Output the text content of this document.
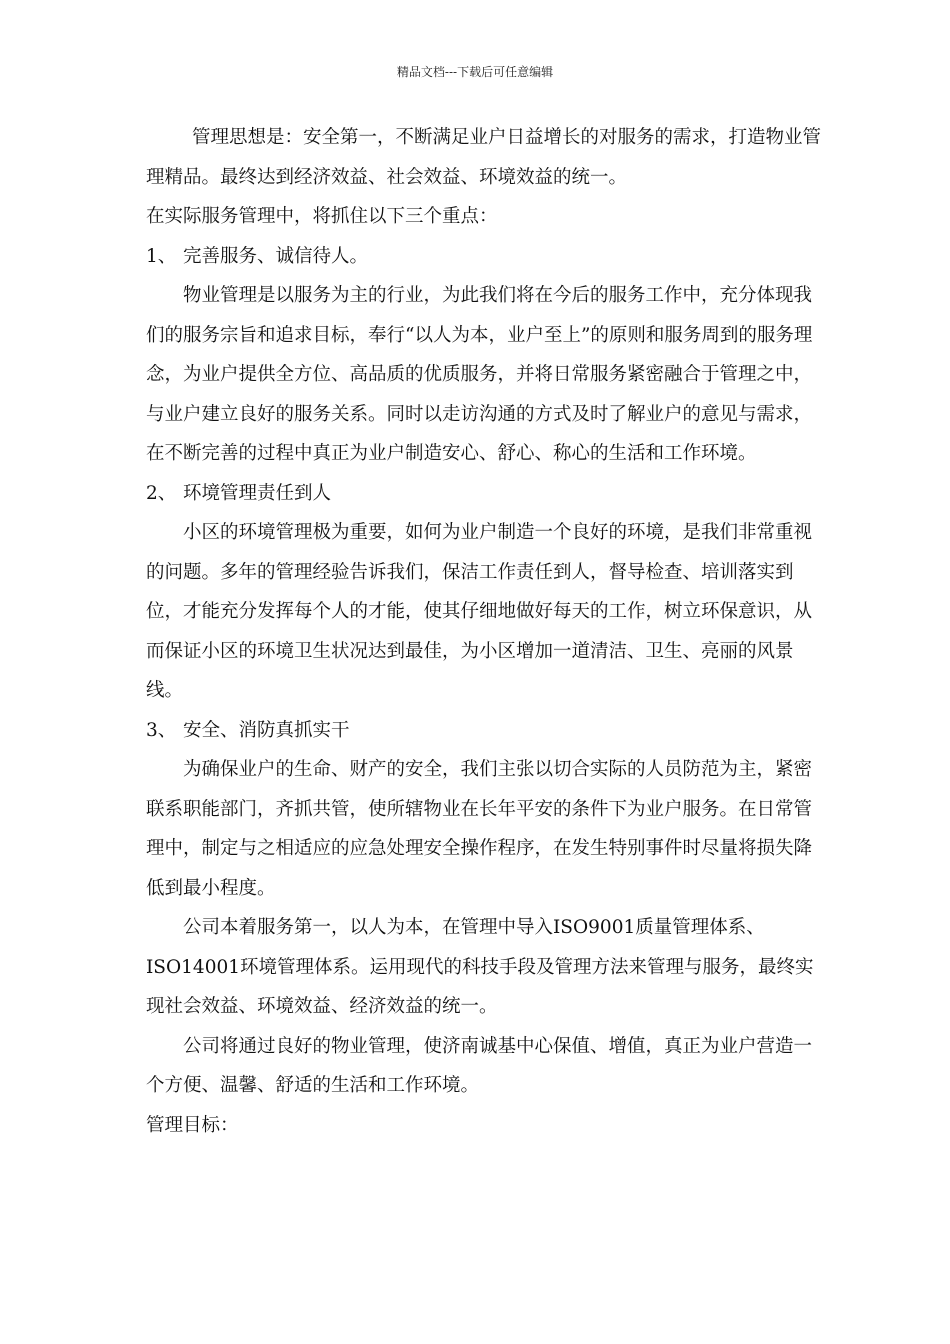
精品文档---下载后可任意编辑

管理思想是：安全第一，不断满足业户日益增长的对服务的需求，打造物业管理精品。最终达到经济效益、社会效益、环境效益的统一。

在实际服务管理中，将抓住以下三个重点：

1、 完善服务、诚信待人。

物业管理是以服务为主的行业，为此我们将在今后的服务工作中，充分体现我们的服务宗旨和追求目标，奉行“以人为本，业户至上”的原则和服务周到的服务理念，为业户提供全方位、高品质的优质服务，并将日常服务紧密融合于管理之中，与业户建立良好的服务关系。同时以走访沟通的方式及时了解业户的意见与需求，在不断完善的过程中真正为业户制造安心、舒心、称心的生活和工作环境。

2、 环境管理责任到人

小区的环境管理极为重要，如何为业户制造一个良好的环境，是我们非常重视的问题。多年的管理经验告诉我们，保洁工作责任到人，督导检查、培训落实到位，才能充分发挥每个人的才能，使其仔细地做好每天的工作，树立环保意识，从而保证小区的环境卫生状况达到最佳，为小区增加一道清洁、卫生、亮丽的风景线。

3、 安全、消防真抓实干

为确保业户的生命、财产的安全，我们主张以切合实际的人员防范为主，紧密联系职能部门，齐抓共管，使所辖物业在长年平安的条件下为业户服务。在日常管理中，制定与之相适应的应急处理安全操作程序，在发生特别事件时尽量将损失降低到最小程度。

公司本着服务第一，以人为本，在管理中导入ISO9001质量管理体系、ISO14001环境管理体系。运用现代的科技手段及管理方法来管理与服务，最终实现社会效益、环境效益、经济效益的统一。

公司将通过良好的物业管理，使济南诚基中心保值、增值，真正为业户营造一个方便、温馨、舒适的生活和工作环境。

管理目标：
